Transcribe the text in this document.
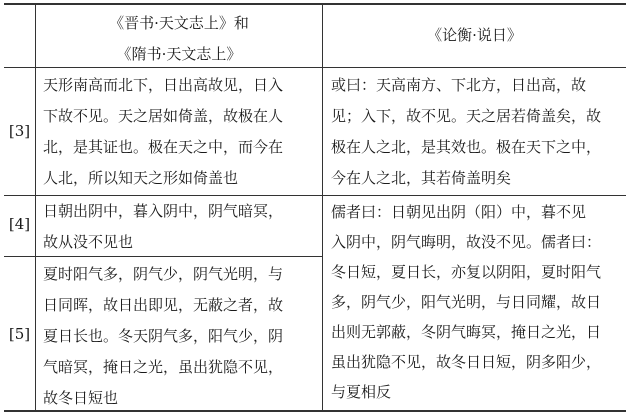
《晋书·天文志上》和
《隋书·天文志上》
《论衡·说日》
[3]
天形南高而北下，日出高故见，日入
下故不见。天之居如倚盖，故极在人
北，是其证也。极在天之中，而今在
人北，所以知天之形如倚盖也
或曰：天高南方、下北方，日出高，故
见；入下，故不见。天之居若倚盖矣，故
极在人之北，是其效也。极在天下之中，
今在人之北，其若倚盖明矣
[4]
日朝出阴中，暮入阴中，阴气暗冥，
故从没不见也
[5]
夏时阳气多，阴气少，阴气光明，与
日同晖，故日出即见，无蔽之者，故
夏日长也。冬天阴气多，阳气少，阴
气暗冥，掩日之光，虽出犹隐不见，
故冬日短也
儒者曰：日朝见出阴（阳）中，暮不见
入阴中，阴气晦明，故没不见。儒者曰：
冬日短，夏日长，亦复以阴阳，夏时阳气
多，阴气少，阳气光明，与日同耀，故日
出则无郭蔽，冬阴气晦冥，掩日之光，日
虽出犹隐不见，故冬日日短，阴多阳少，
与夏相反
